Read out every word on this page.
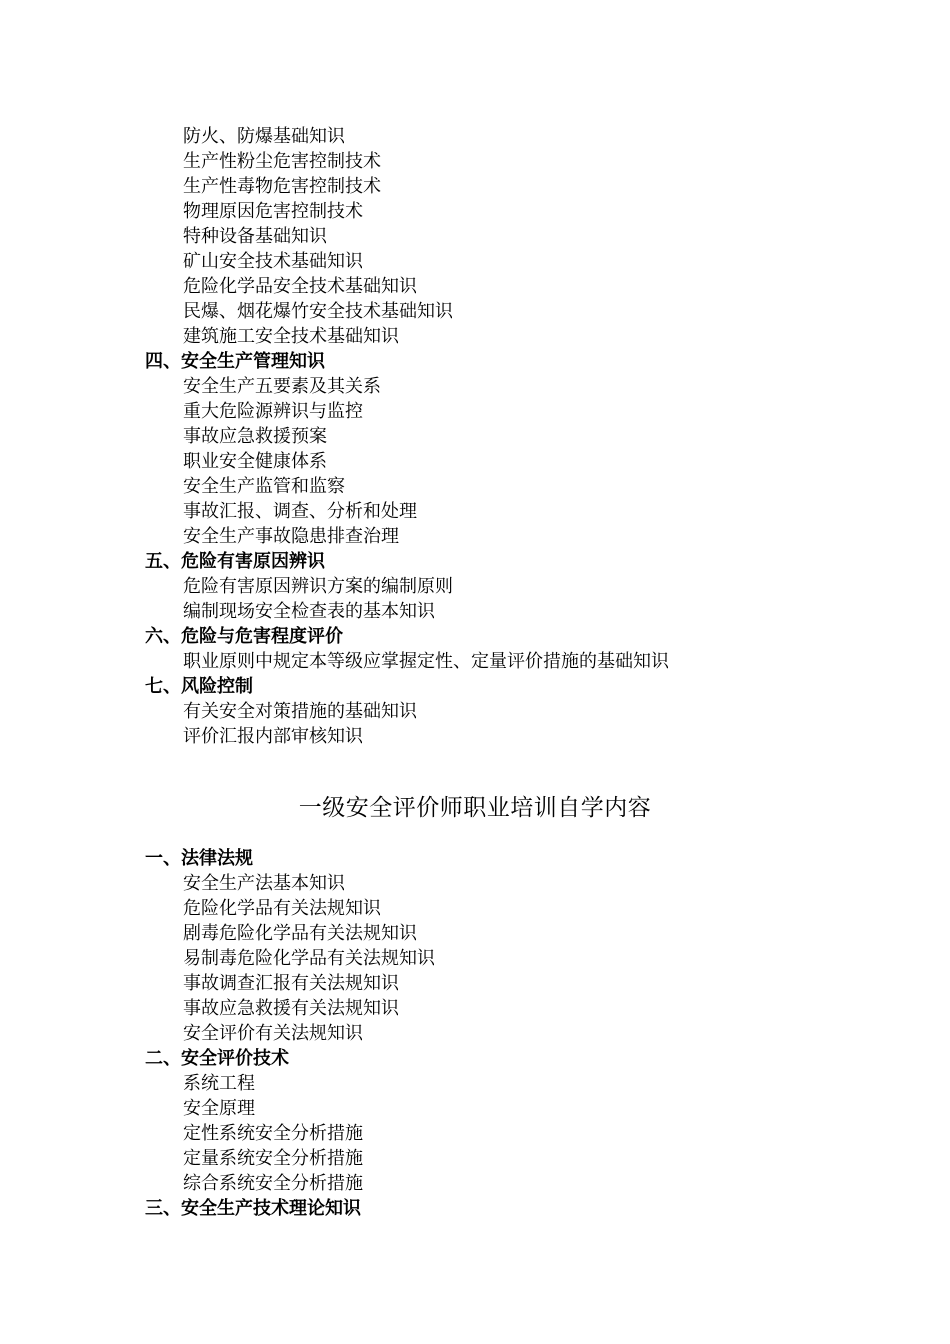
防火、防爆基础知识
生产性粉尘危害控制技术
生产性毒物危害控制技术
物理原因危害控制技术
特种设备基础知识
矿山安全技术基础知识
危险化学品安全技术基础知识
民爆、烟花爆竹安全技术基础知识
建筑施工安全技术基础知识
四、安全生产管理知识
安全生产五要素及其关系
重大危险源辨识与监控
事故应急救援预案
职业安全健康体系
安全生产监管和监察
事故汇报、调查、分析和处理
安全生产事故隐患排查治理
五、危险有害原因辨识
危险有害原因辨识方案的编制原则
编制现场安全检查表的基本知识
六、危险与危害程度评价
职业原则中规定本等级应掌握定性、定量评价措施的基础知识
七、风险控制
有关安全对策措施的基础知识
评价汇报内部审核知识
一级安全评价师职业培训自学内容
一、法律法规
安全生产法基本知识
危险化学品有关法规知识
剧毒危险化学品有关法规知识
易制毒危险化学品有关法规知识
事故调查汇报有关法规知识
事故应急救援有关法规知识
安全评价有关法规知识
二、安全评价技术
系统工程
安全原理
定性系统安全分析措施
定量系统安全分析措施
综合系统安全分析措施
三、安全生产技术理论知识
